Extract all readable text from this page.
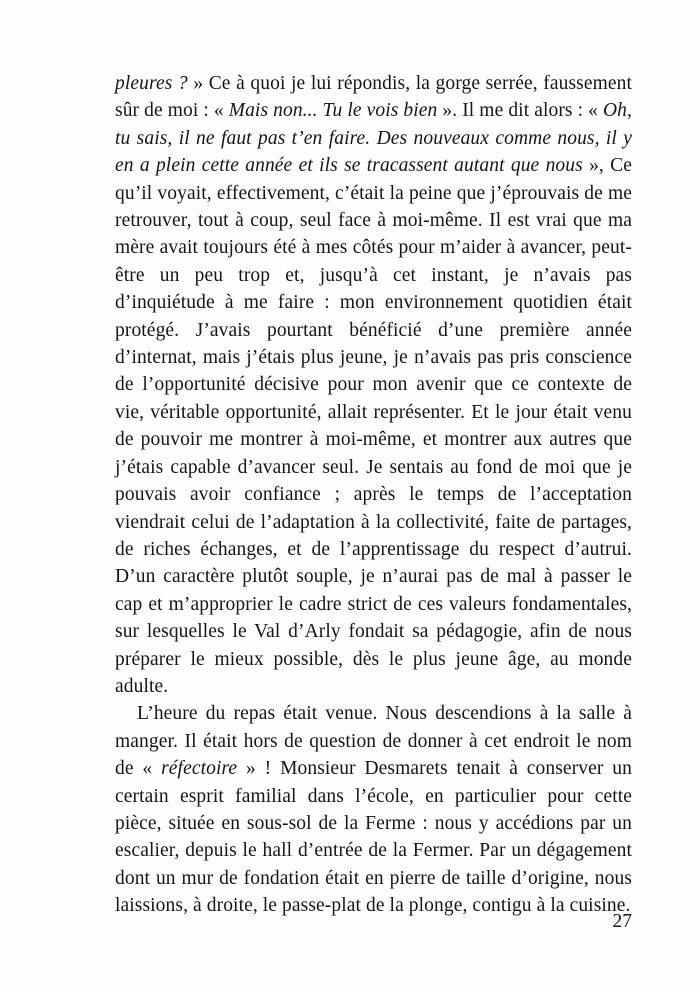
pleures ? » Ce à quoi je lui répondis, la gorge serrée, faussement sûr de moi : « Mais non... Tu le vois bien ». Il me dit alors : « Oh, tu sais, il ne faut pas t’en faire. Des nouveaux comme nous, il y en a plein cette année et ils se tracassent autant que nous », Ce qu’il voyait, effectivement, c’était la peine que j’éprouvais de me retrouver, tout à coup, seul face à moi-même. Il est vrai que ma mère avait toujours été à mes côtés pour m’aider à avancer, peut-être un peu trop et, jusqu’à cet instant, je n’avais pas d’inquiétude à me faire : mon environnement quotidien était protégé. J’avais pourtant bénéficié d’une première année d’internat, mais j’étais plus jeune, je n’avais pas pris conscience de l’opportunité décisive pour mon avenir que ce contexte de vie, véritable opportunité, allait représenter. Et le jour était venu de pouvoir me montrer à moi-même, et montrer aux autres que j’étais capable d’avancer seul. Je sentais au fond de moi que je pouvais avoir confiance ; après le temps de l’acceptation viendrait celui de l’adaptation à la collectivité, faite de partages, de riches échanges, et de l’apprentissage du respect d’autrui. D’un caractère plutôt souple, je n’aurai pas de mal à passer le cap et m’approprier le cadre strict de ces valeurs fondamentales, sur lesquelles le Val d’Arly fondait sa pédagogie, afin de nous préparer le mieux possible, dès le plus jeune âge, au monde adulte.

L’heure du repas était venue. Nous descendions à la salle à manger. Il était hors de question de donner à cet endroit le nom de « réfectoire » ! Monsieur Desmarets tenait à conserver un certain esprit familial dans l’école, en particulier pour cette pièce, située en sous-sol de la Ferme : nous y accédions par un escalier, depuis le hall d’entrée de la Fermer. Par un dégagement dont un mur de fondation était en pierre de taille d’origine, nous laissions, à droite, le passe-plat de la plonge, contigu à la cuisine.

27
